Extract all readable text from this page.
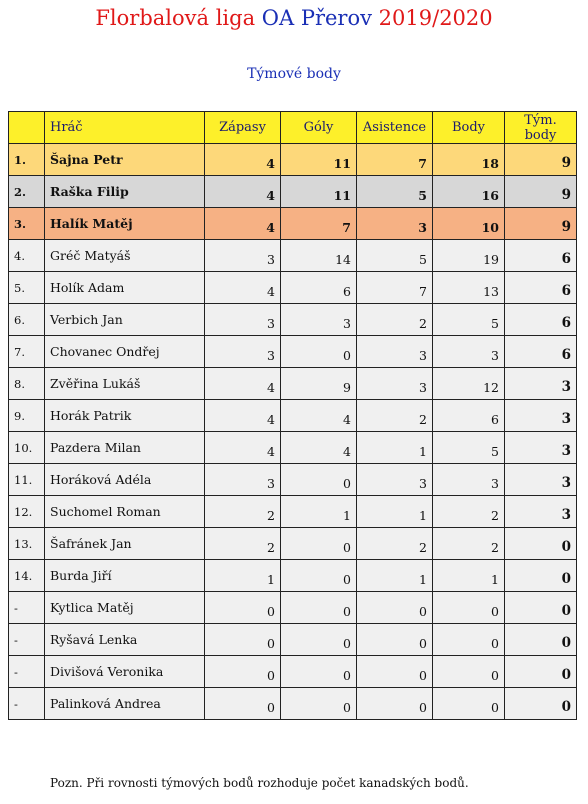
Florbalová liga OA Přerov 2019/2020
Týmové body
	Hráč	Zápasy	Góly	Asistence	Body	Tým. body
1.	Šajna Petr	4	11	7	18	9
2.	Raška Filip	4	11	5	16	9
3.	Halík Matěj	4	7	3	10	9
4.	Gréč Matyáš	3	14	5	19	6
5.	Holík Adam	4	6	7	13	6
6.	Verbich Jan	3	3	2	5	6
7.	Chovanec Ondřej	3	0	3	3	6
8.	Zvěřina Lukáš	4	9	3	12	3
9.	Horák Patrik	4	4	2	6	3
10.	Pazdera Milan	4	4	1	5	3
11.	Horáková Adéla	3	0	3	3	3
12.	Suchomel Roman	2	1	1	2	3
13.	Šafránek Jan	2	0	2	2	0
14.	Burda Jiří	1	0	1	1	0
-	Kytlica Matěj	0	0	0	0	0
-	Ryšavá Lenka	0	0	0	0	0
-	Divišová Veronika	0	0	0	0	0
-	Palinková Andrea	0	0	0	0	0
Pozn. Při rovnosti týmových bodů rozhoduje počet kanadských bodů.
